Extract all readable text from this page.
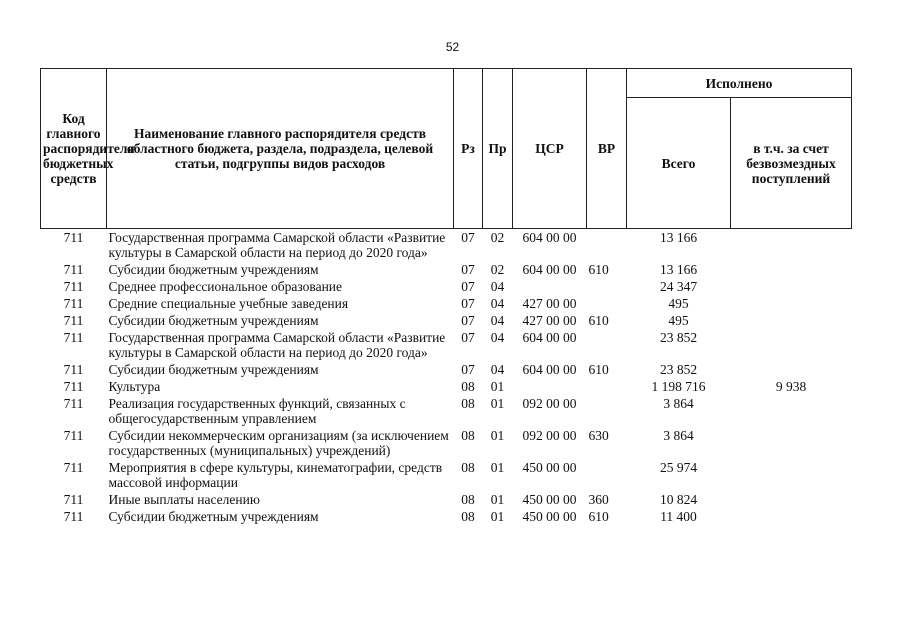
52
Код главного распорядителя бюджетных средств	Наименование главного распорядителя средств областного бюджета, раздела, подраздела, целевой статьи, подгруппы видов расходов	Рз	Пр	ЦСР	ВР	Исполнено	
						Всего	в т.ч. за счет безвозмездных поступлений
711	Государственная программа Самарской области «Развитие культуры в Самарской области на период до 2020 года»	07	02	604 00 00		13 166	
711	Субсидии бюджетным учреждениям	07	02	604 00 00	610	13 166	
711	Среднее профессиональное образование	07	04			24 347	
711	Средние специальные учебные заведения	07	04	427 00 00		495	
711	Субсидии бюджетным учреждениям	07	04	427 00 00	610	495	
711	Государственная программа Самарской области «Развитие культуры в Самарской области на период до 2020 года»	07	04	604 00 00		23 852	
711	Субсидии бюджетным учреждениям	07	04	604 00 00	610	23 852	
711	Культура	08	01			1 198 716	9 938
711	Реализация государственных функций, связанных с общегосударственным управлением	08	01	092 00 00		3 864	
711	Субсидии некоммерческим организациям (за исключением государственных (муниципальных) учреждений)	08	01	092 00 00	630	3 864	
711	Мероприятия в сфере культуры, кинематографии, средств массовой информации	08	01	450 00 00		25 974	
711	Иные выплаты населению	08	01	450 00 00	360	10 824	
711	Субсидии бюджетным учреждениям	08	01	450 00 00	610	11 400	
